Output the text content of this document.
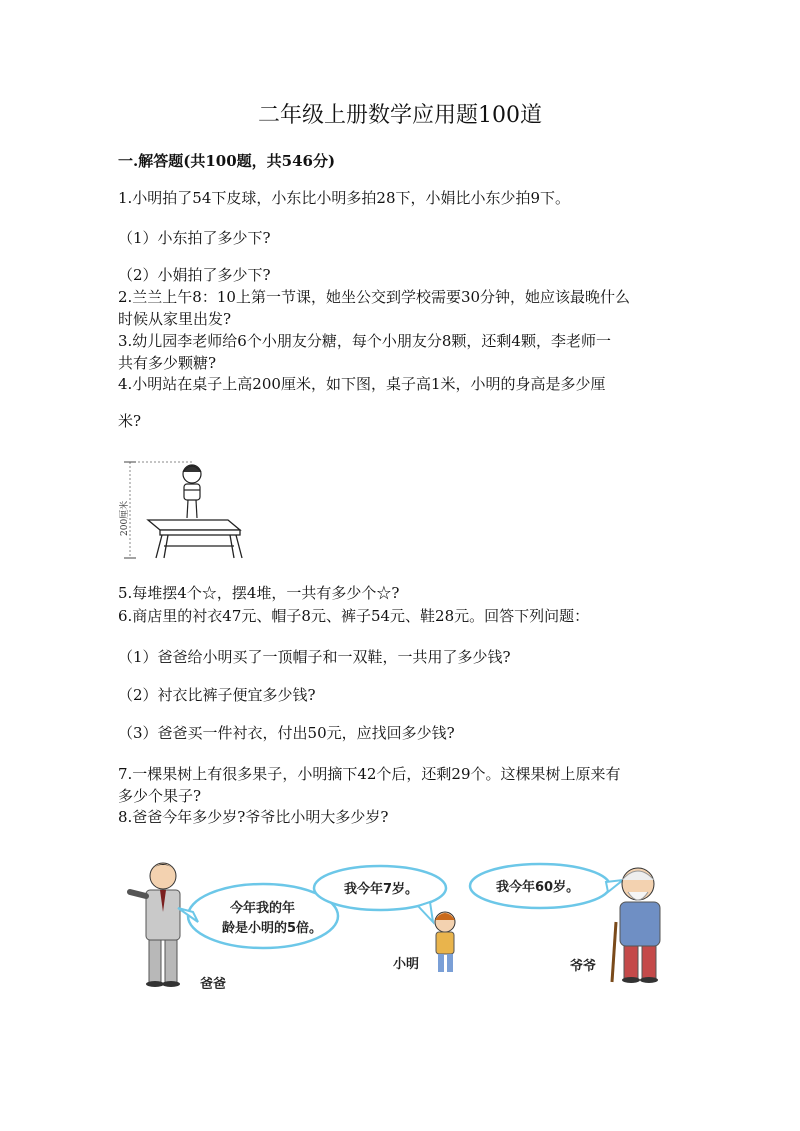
二年级上册数学应用题100道
一.解答题(共100题，共546分)
1.小明拍了54下皮球，小东比小明多拍28下，小娟比小东少拍9下。
（1）小东拍了多少下?
（2）小娟拍了多少下?
2.兰兰上午8：10上第一节课，她坐公交到学校需要30分钟，她应该最晚什么
时候从家里出发?
3.幼儿园李老师给6个小朋友分糖，每个小朋友分8颗，还剩4颗，李老师一
共有多少颗糖?
4.小明站在桌子上高200厘米，如下图，桌子高1米，小明的身高是多少厘
米?
200厘米
5.每堆摆4个☆，摆4堆，一共有多少个☆?
6.商店里的衬衣47元、帽子8元、裤子54元、鞋28元。回答下列问题：
（1）爸爸给小明买了一顶帽子和一双鞋，一共用了多少钱?
（2）衬衣比裤子便宜多少钱?
（3）爸爸买一件衬衣，付出50元，应找回多少钱?
7.一棵果树上有很多果子，小明摘下42个后，还剩29个。这棵果树上原来有
多少个果子?
8.爸爸今年多少岁?爷爷比小明大多少岁?
爸爸
今年我的年
龄是小明的5倍。
我今年7岁。
小明
我今年60岁。
爷爷
